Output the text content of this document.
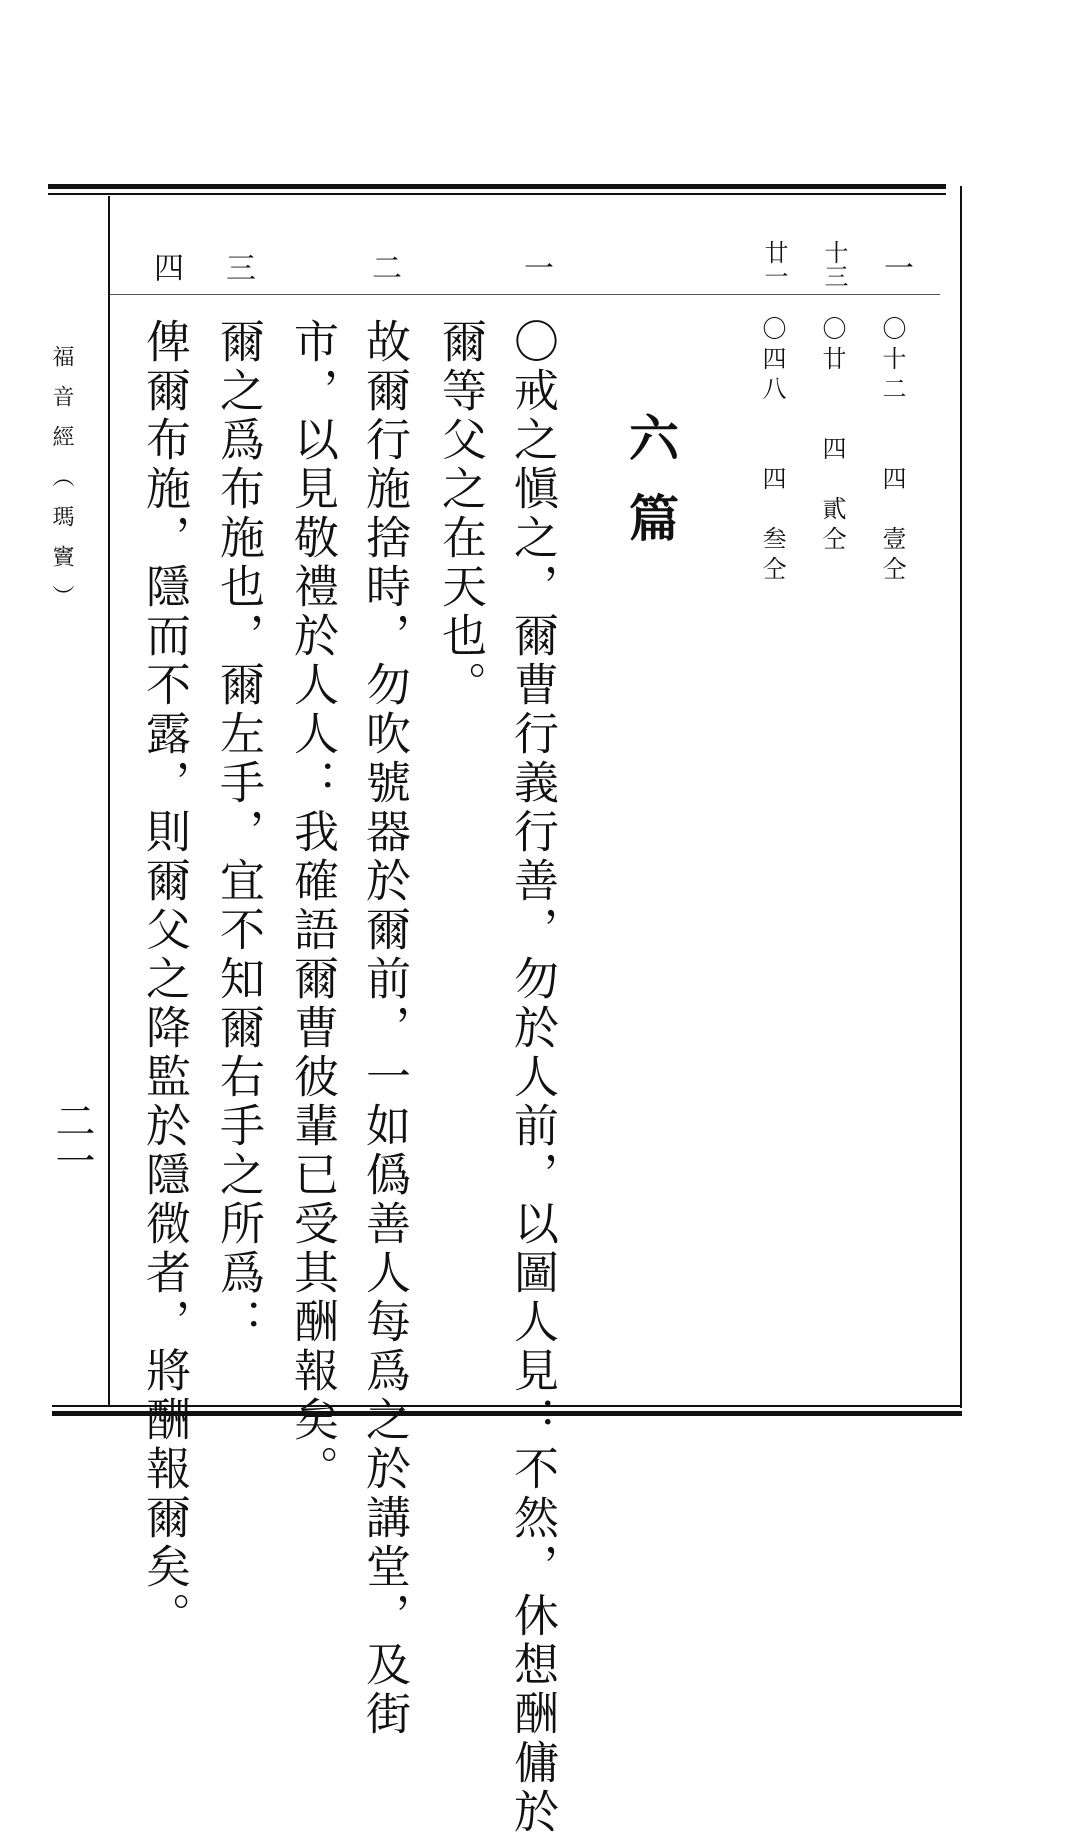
福音經（瑪竇）
二一
一
〇十二　　四　壹仝
十三
〇廿　　四　貳仝
廿一
〇四八　　四　叁仝
六篇
一
二
三
四
〇戒之愼之，爾曹行義行善，勿於人前，以圖人見：不然，休想酬傭於
爾等父之在天也。
故爾行施捨時，勿吹號器於爾前，一如僞善人每爲之於講堂，及街
市，以見敬禮於人人：我確語爾曹彼輩已受其酬報矣。
爾之爲布施也，爾左手，宜不知爾右手之所爲：
俾爾布施，隱而不露，則爾父之降監於隱微者，將酬報爾矣。
